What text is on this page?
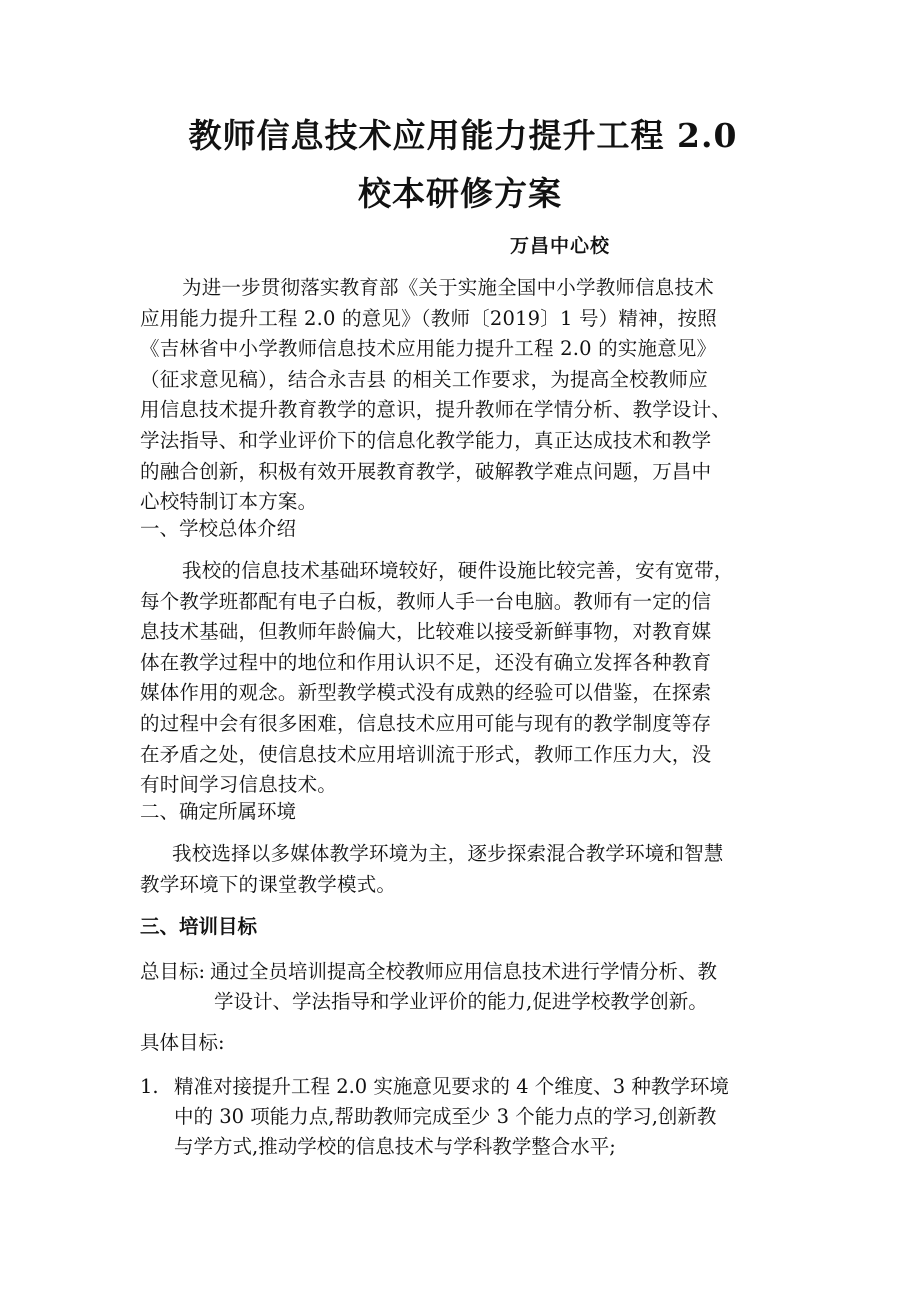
教师信息技术应用能力提升工程 2.0
校本研修方案
万昌中心校
为进一步贯彻落实教育部《关于实施全国中小学教师信息技术
应用能力提升工程 2.0 的意见》（教师〔2019〕1 号）精神，按照
《吉林省中小学教师信息技术应用能力提升工程 2.0 的实施意见》
（征求意见稿），结合永吉县 的相关工作要求，为提高全校教师应
用信息技术提升教育教学的意识，提升教师在学情分析、教学设计、
学法指导、和学业评价下的信息化教学能力，真正达成技术和教学
的融合创新，积极有效开展教育教学，破解教学难点问题，万昌中
心校特制订本方案。
一、学校总体介绍
我校的信息技术基础环境较好，硬件设施比较完善，安有宽带，
每个教学班都配有电子白板，教师人手一台电脑。教师有一定的信
息技术基础，但教师年龄偏大，比较难以接受新鲜事物，对教育媒
体在教学过程中的地位和作用认识不足，还没有确立发挥各种教育
媒体作用的观念。新型教学模式没有成熟的经验可以借鉴，在探索
的过程中会有很多困难，信息技术应用可能与现有的教学制度等存
在矛盾之处，使信息技术应用培训流于形式，教师工作压力大，没
有时间学习信息技术。
二、确定所属环境
我校选择以多媒体教学环境为主，逐步探索混合教学环境和智慧
教学环境下的课堂教学模式。
三、培训目标
总目标: 通过全员培训提高全校教师应用信息技术进行学情分析、教
学设计、学法指导和学业评价的能力,促进学校教学创新。
具体目标:
1. 精准对接提升工程 2.0 实施意见要求的 4 个维度、3 种教学环境
中的 30 项能力点,帮助教师完成至少 3 个能力点的学习,创新教
与学方式,推动学校的信息技术与学科教学整合水平;
